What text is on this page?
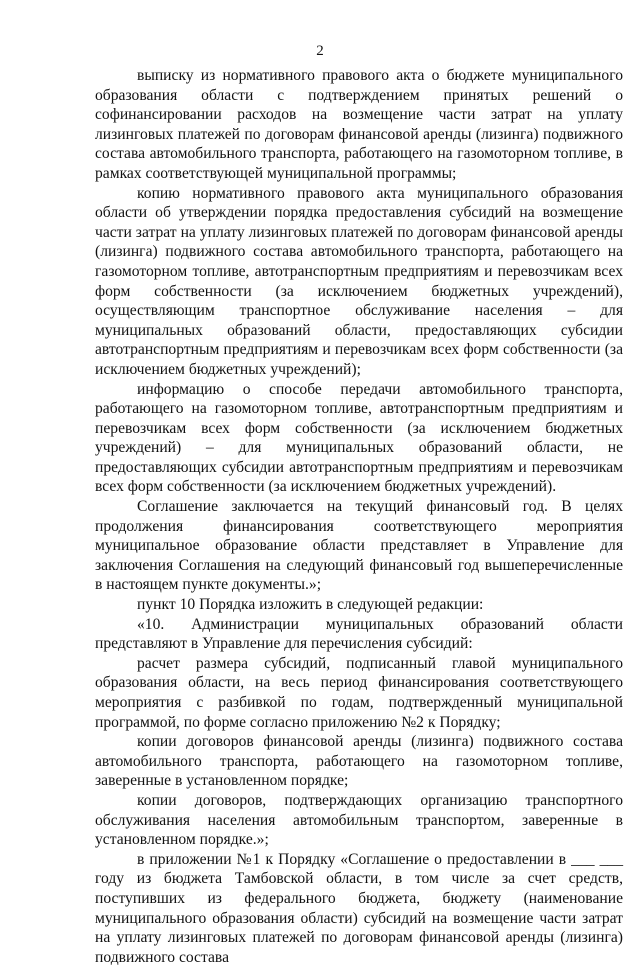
2

выписку из нормативного правового акта о бюджете муниципального образования области с подтверждением принятых решений о софинансировании расходов на возмещение части затрат на уплату лизинговых платежей по договорам финансовой аренды (лизинга) подвижного состава автомобильного транспорта, работающего на газомоторном топливе, в рамках соответствующей муниципальной программы;

копию нормативного правового акта муниципального образования области об утверждении порядка предоставления субсидий на возмещение части затрат на уплату лизинговых платежей по договорам финансовой аренды (лизинга) подвижного состава автомобильного транспорта, работающего на газомоторном топливе, автотранспортным предприятиям и перевозчикам всех форм собственности (за исключением бюджетных учреждений), осуществляющим транспортное обслуживание населения – для муниципальных образований области, предоставляющих субсидии автотранспортным предприятиям и перевозчикам всех форм собственности (за исключением бюджетных учреждений);

информацию о способе передачи автомобильного транспорта, работающего на газомоторном топливе, автотранспортным предприятиям и перевозчикам всех форм собственности (за исключением бюджетных учреждений) – для муниципальных образований области, не предоставляющих субсидии автотранспортным предприятиям и перевозчикам всех форм собственности (за исключением бюджетных учреждений).

Соглашение заключается на текущий финансовый год. В целях продолжения финансирования соответствующего мероприятия муниципальное образование области представляет в Управление для заключения Соглашения на следующий финансовый год вышеперечисленные в настоящем пункте документы.»;

пункт 10 Порядка изложить в следующей редакции:

«10. Администрации муниципальных образований области представляют в Управление для перечисления субсидий:

расчет размера субсидий, подписанный главой муниципального образования области, на весь период финансирования соответствующего мероприятия с разбивкой по годам, подтвержденный муниципальной программой, по форме согласно приложению №2 к Порядку;

копии договоров финансовой аренды (лизинга) подвижного состава автомобильного транспорта, работающего на газомоторном топливе, заверенные в установленном порядке;

копии договоров, подтверждающих организацию транспортного обслуживания населения автомобильным транспортом, заверенные в установленном порядке.»;

в приложении №1 к Порядку «Соглашение о предоставлении в ___ ___ году из бюджета Тамбовской области, в том числе за счет средств, поступивших из федерального бюджета, бюджету (наименование муниципального образования области) субсидий на возмещение части затрат на уплату лизинговых платежей по договорам финансовой аренды (лизинга) подвижного состава
